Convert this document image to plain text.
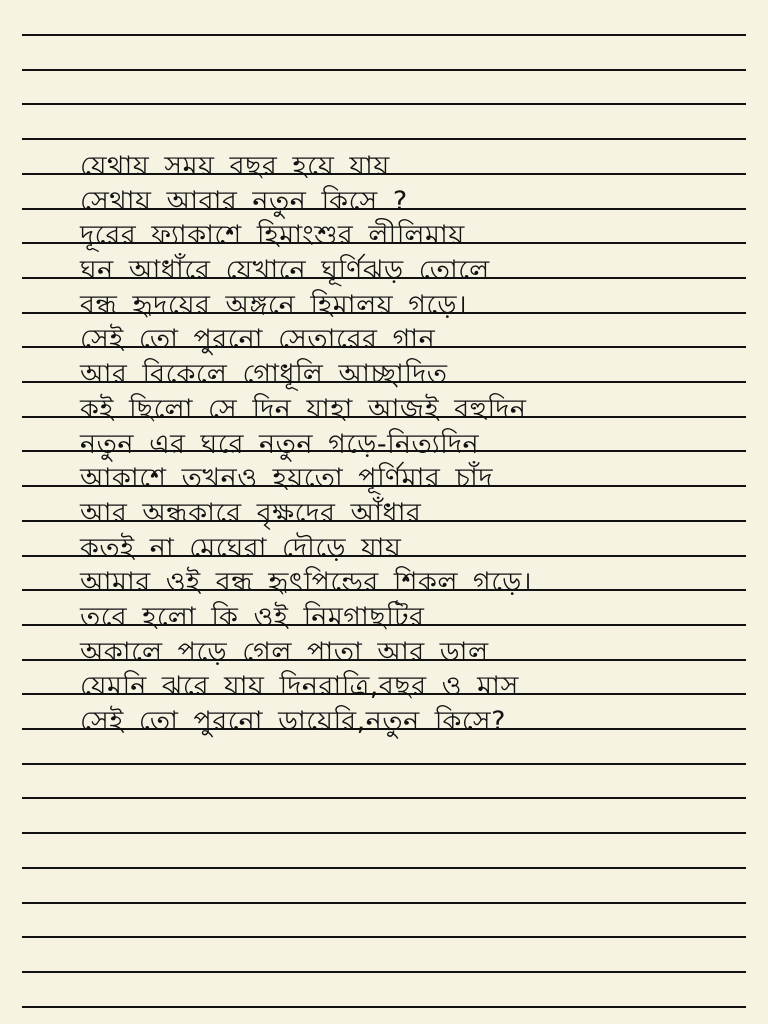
যেথায় সময় বছর হয়ে যায়
সেথায় আবার নতুন কিসে ?
দূরের ফ্যাকাশে হিমাংশুর লীলিমায়
ঘন আধাঁরে যেখানে ঘূর্ণিঝড় তোলে
বন্ধ হৃদয়ের অঙ্গনে হিমালয় গড়ে।
সেই তো পুরনো সেতারের গান
আর বিকেলে গোধূলি আচ্ছাদিত
কই ছিলো সে দিন যাহা আজই বহুদিন
নতুন এর ঘরে নতুন গড়ে-নিত্যদিন
আকাশে তখনও হয়তো পূর্ণিমার চাঁদ
আর অন্ধকারে বৃক্ষদের আঁধার
কতই না মেঘেরা দৌড়ে যায়
আমার ওই বন্ধ হৃৎপিন্ডের শিকল গড়ে।
তবে হলো কি ওই নিমগাছটির
অকালে পড়ে গেল পাতা আর ডাল
যেমনি ঝরে যায় দিনরাত্রি,বছর ও মাস
সেই তো পুরনো ডায়েরি,নতুন কিসে?
